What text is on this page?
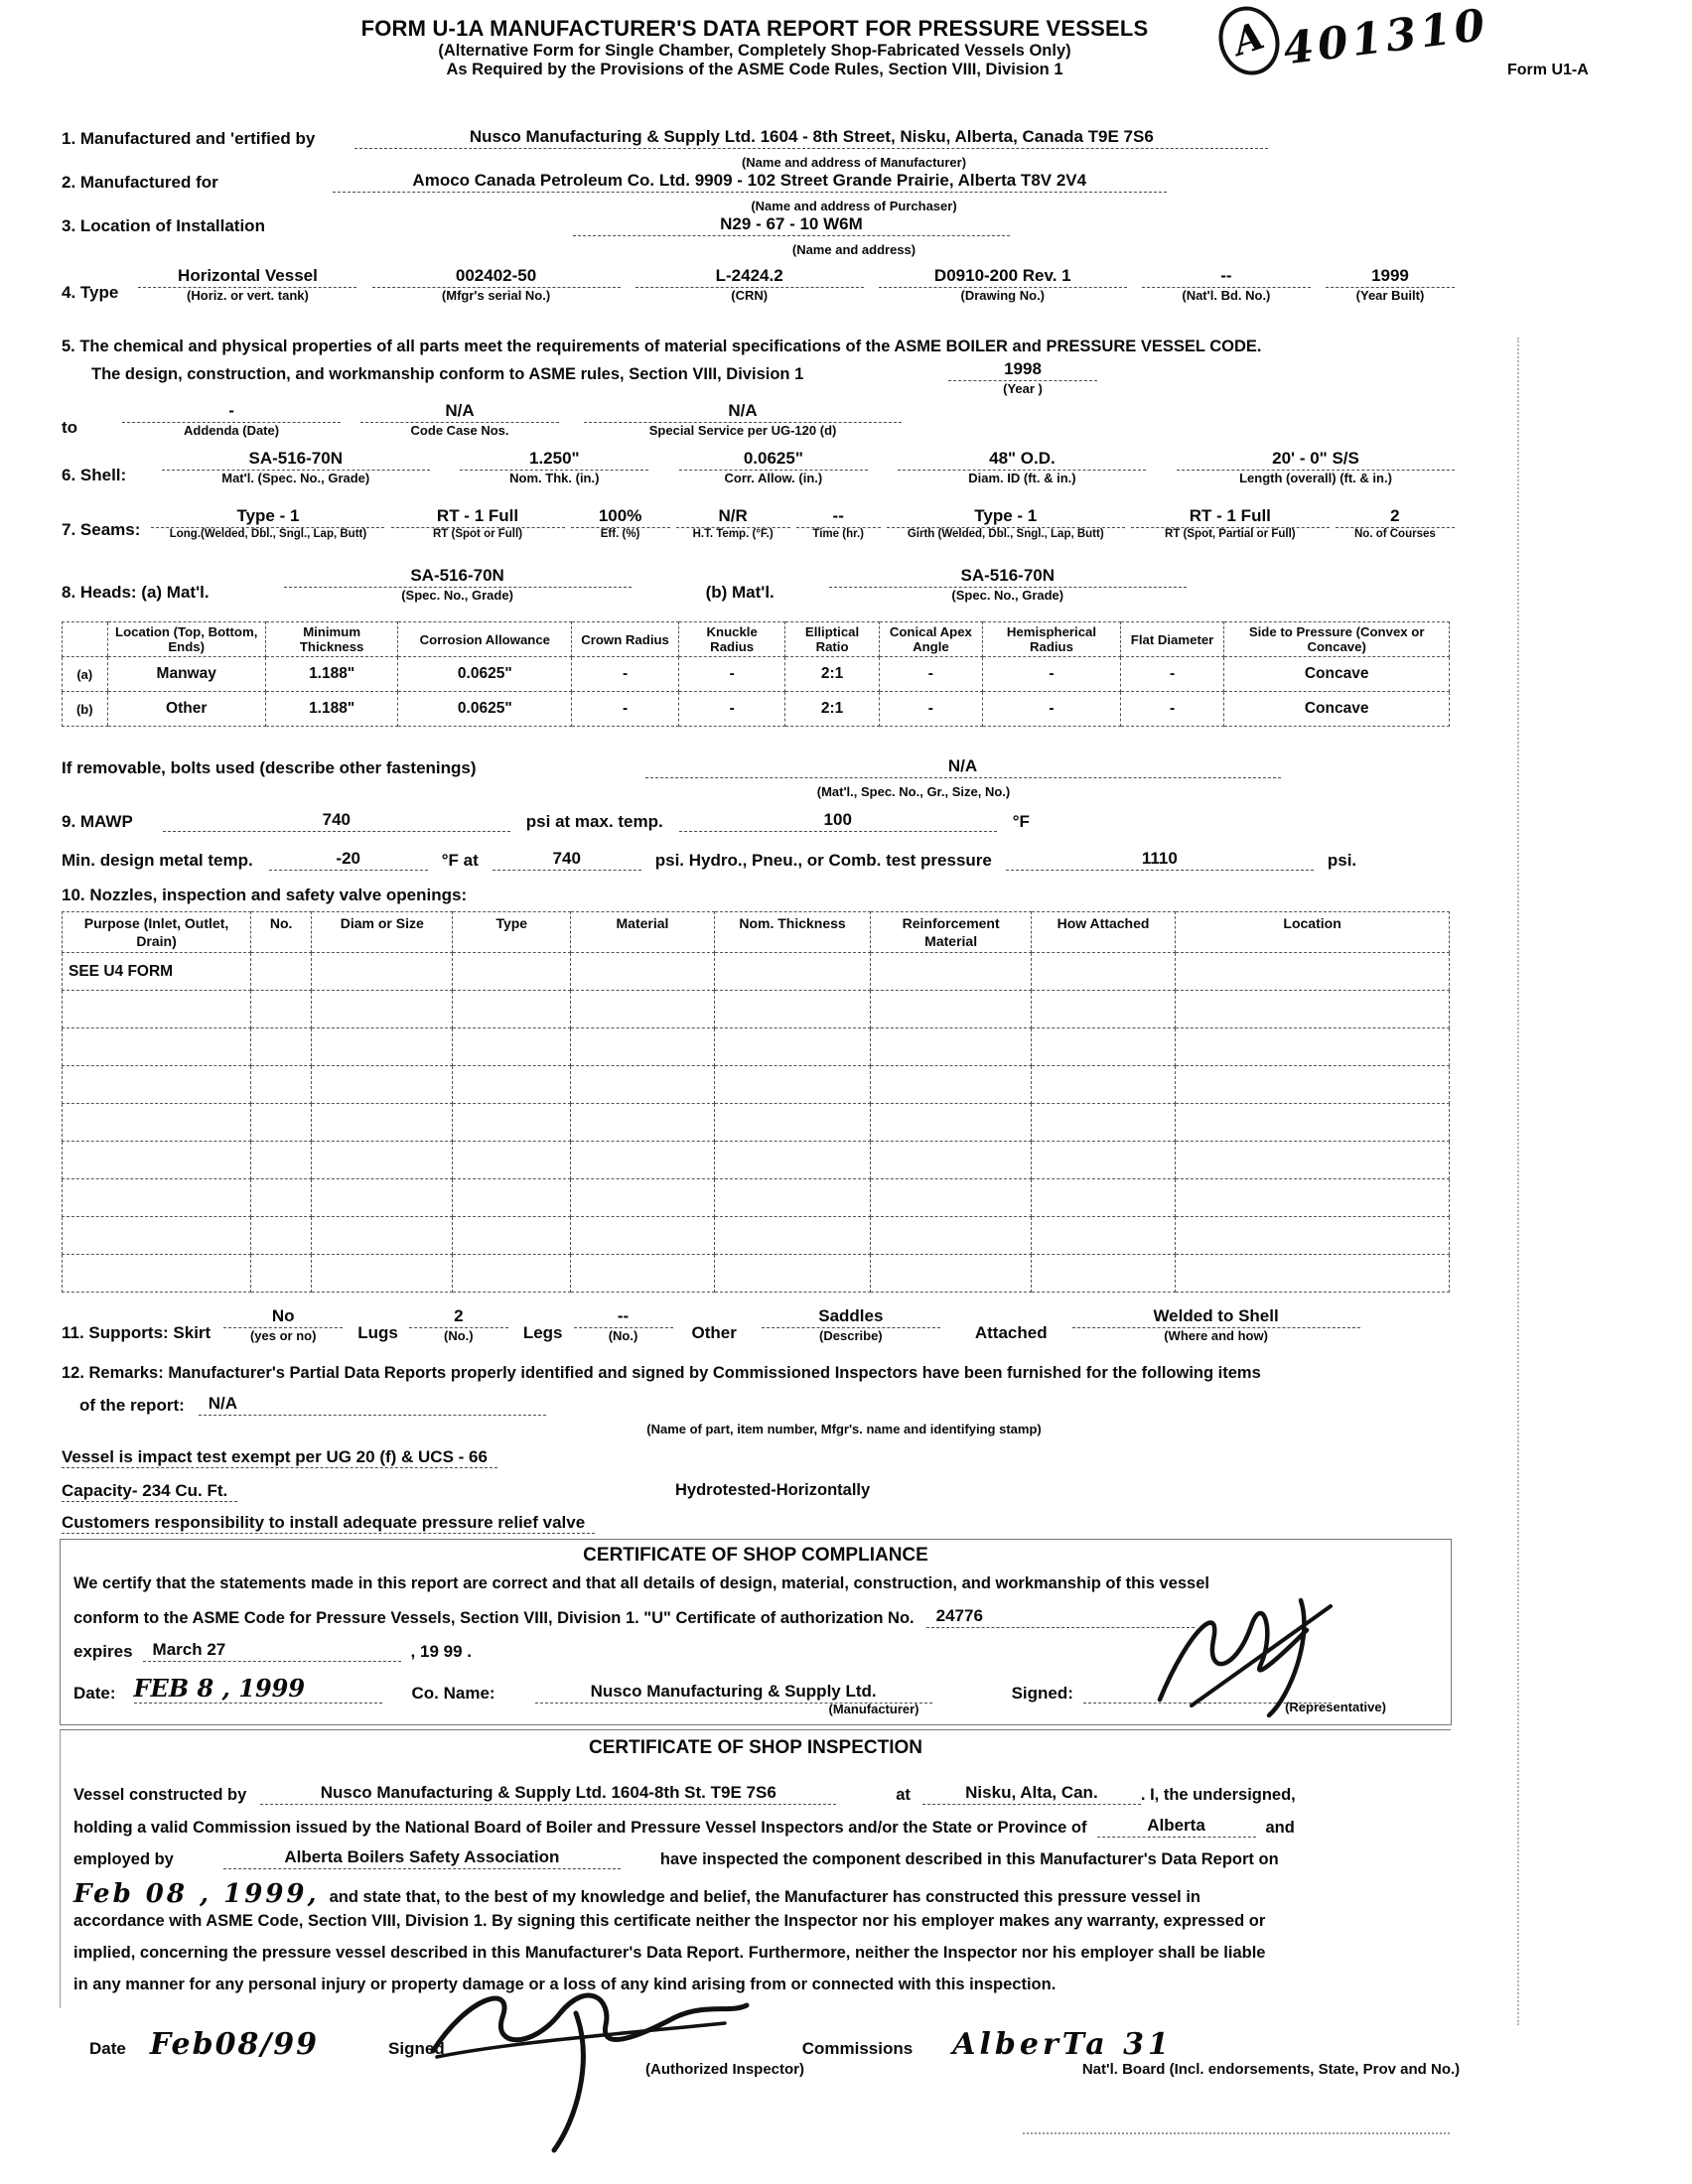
FORM U-1A MANUFACTURER'S DATA REPORT FOR PRESSURE VESSELS
(Alternative Form for Single Chamber, Completely Shop-Fabricated Vessels Only)
As Required by the Provisions of the ASME Code Rules, Section VIII, Division 1
A 401310 Form U1-A
1. Manufactured and 'ertified by	Nusco Manufacturing & Supply Ltd. 1604 - 8th Street, Nisku, Alberta, Canada T9E 7S6
(Name and address of Manufacturer)
2. Manufactured for	Amoco Canada Petroleum Co. Ltd. 9909 - 102 Street Grande Prairie, Alberta T8V 2V4
(Name and address of Purchaser)
3. Location of Installation	N29 - 67 - 10 W6M
(Name and address)
4. Type
Horizontal Vessel
(Horiz. or vert. tank)
002402-50
(Mfgr's serial No.)
L-2424.2
(CRN)
D0910-200 Rev. 1
(Drawing No.)
--
(Nat'l. Bd. No.)
1999
(Year Built)
5. The chemical and physical properties of all parts meet the requirements of material specifications of the ASME BOILER and PRESSURE VESSEL CODE.
The design, construction, and workmanship conform to ASME rules, Section VIII, Division 1	1998
(Year )
to
-
Addenda (Date)
N/A
Code Case Nos.
N/A
Special Service per UG-120 (d)
6. Shell:
SA-516-70N
Mat'l. (Spec. No., Grade)
1.250"
Nom. Thk. (in.)
0.0625"
Corr. Allow. (in.)
48" O.D.
Diam. ID (ft. & in.)
20' - 0" S/S
Length (overall) (ft. & in.)
7. Seams:
Type - 1
Long.(Welded, Dbl., Sngl., Lap, Butt)
RT - 1 Full
RT (Spot or Full)
100%
Eff. (%)
N/R
H.T. Temp. (°F.)
--
Time (hr.)
Type - 1
Girth (Welded, Dbl., Sngl., Lap, Butt)
RT - 1 Full
RT (Spot, Partial or Full)
2
No. of Courses
8. Heads: (a) Mat'l.
SA-516-70N
(Spec. No., Grade)	(b) Mat'l.
SA-516-70N
(Spec. No., Grade)
	Location (Top, Bottom, Ends)	Minimum Thickness	Corrosion Allowance	Crown Radius	Knuckle Radius	Elliptical Ratio	Conical Apex Angle	Hemispherical Radius	Flat Diameter	Side to Pressure (Convex or Concave)
(a)	Manway	1.188"	0.0625"	-	-	2:1	-	-	-	Concave
(b)	Other	1.188"	0.0625"	-	-	2:1	-	-	-	Concave
If removable, bolts used (describe other fastenings)	N/A
(Mat'l., Spec. No., Gr., Size, No.)
9. MAWP	740	psi at max. temp.	100	°F
Min. design metal temp.	-20	°F at	740	psi. Hydro., Pneu., or Comb. test pressure	1110	psi.
10. Nozzles, inspection and safety valve openings:
Purpose (Inlet, Outlet, Drain)	No.	Diam or Size	Type	Material	Nom. Thickness	Reinforcement Material	How Attached	Location
SEE U4 FORM								

11. Supports: Skirt
No
(yes or no) Lugs
2
(No.)	Legs
--
(No.)	Other
Saddles
(Describe)	Attached
Welded to Shell
(Where and how)
12. Remarks: Manufacturer's Partial Data Reports properly identified and signed by Commissioned Inspectors have been furnished for the following items
of the report:	N/A
(Name of part, item number, Mfgr's. name and identifying stamp)
Vessel is impact test exempt per UG 20 (f) & UCS - 66
Capacity- 234 Cu. Ft.	Hydrotested-Horizontally
Customers responsibility to install adequate pressure relief valve
CERTIFICATE OF SHOP COMPLIANCE
We certify that the statements made in this report are correct and that all details of design, material, construction, and workmanship of this vessel
conform to the ASME Code for Pressure Vessels, Section VIII, Division 1. "U" Certificate of authorization No.	24776
expires	March 27	, 19 99 .
Date: FEB 8 , 1999	Co. Name:	Nusco Manufacturing & Supply Ltd.	Signed:
(Manufacturer)	(Representative)
CERTIFICATE OF SHOP INSPECTION
Vessel constructed by	Nusco Manufacturing & Supply Ltd. 1604-8th St. T9E 7S6	at	Nisku, Alta, Can.	. I, the undersigned,
holding a valid Commission issued by the National Board of Boiler and Pressure Vessel Inspectors and/or the State or Province of	Alberta	and
employed by	Alberta Boilers Safety Association	have inspected the component described in this Manufacturer's Data Report on
Feb 08 , 1999, and state that, to the best of my knowledge and belief, the Manufacturer has constructed this pressure vessel in
accordance with ASME Code, Section VIII, Division 1. By signing this certificate neither the Inspector nor his employer makes any warranty, expressed or
implied, concerning the pressure vessel described in this Manufacturer's Data Report. Furthermore, neither the Inspector nor his employer shall be liable
in any manner for any personal injury or property damage or a loss of any kind arising from or connected with this inspection.
Date Feb08/99	Signed	Commissions AlberTa 31
(Authorized Inspector)	Nat'l. Board (Incl. endorsements, State, Prov and No.)
